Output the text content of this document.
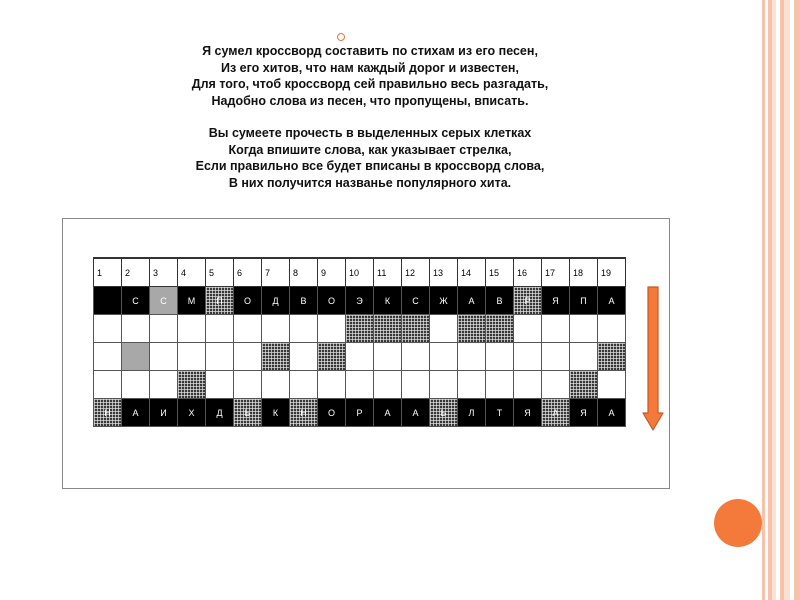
Я сумел кроссворд составить по стихам из его песен,
Из его хитов, что нам каждый дорог и известен,
Для того, чтоб кроссворд сей правильно весь разгадать,
Надобно слова из песен, что пропущены, вписать.
Вы сумеете прочесть в выделенных серых клетках
Когда впишите слова, как указывает стрелка,
Если правильно все будет вписаны в кроссворд слова,
В них получится названье популярного хита.
1	2	3	4	5	6	7	8	9	10	11	12	13	14	15	16	17	18	19
	С	С	М	П	О	Д	В	О	Э	К	С	Ж	А	В	Р	Я	П	А

Н	А	И	Х	Д	Ь	К	Н	О	Р	А	А	Ь	Л	Т	Я	А	Я	А
